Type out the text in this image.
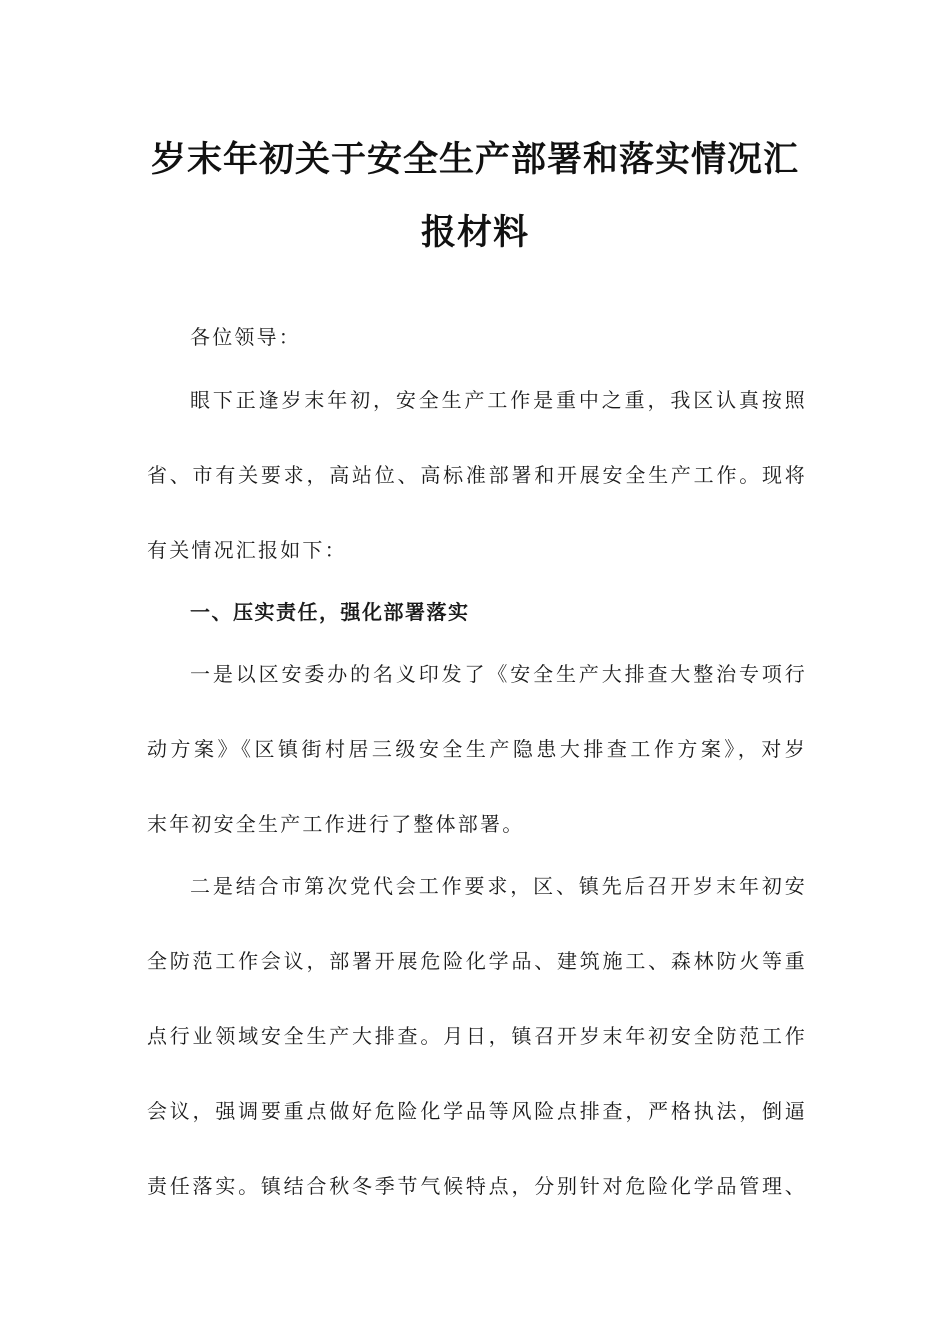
岁末年初关于安全生产部署和落实情况汇
报材料
各位领导：
眼下正逢岁末年初，安全生产工作是重中之重，我区认真按照
省、市有关要求，高站位、高标准部署和开展安全生产工作。现将
有关情况汇报如下：
一、压实责任，强化部署落实
一是以区安委办的名义印发了《安全生产大排查大整治专项行
动方案》《区镇街村居三级安全生产隐患大排查工作方案》，对岁
末年初安全生产工作进行了整体部署。
二是结合市第次党代会工作要求，区、镇先后召开岁末年初安
全防范工作会议，部署开展危险化学品、建筑施工、森林防火等重
点行业领域安全生产大排查。月日，镇召开岁末年初安全防范工作
会议，强调要重点做好危险化学品等风险点排查，严格执法，倒逼
责任落实。镇结合秋冬季节气候特点，分别针对危险化学品管理、
